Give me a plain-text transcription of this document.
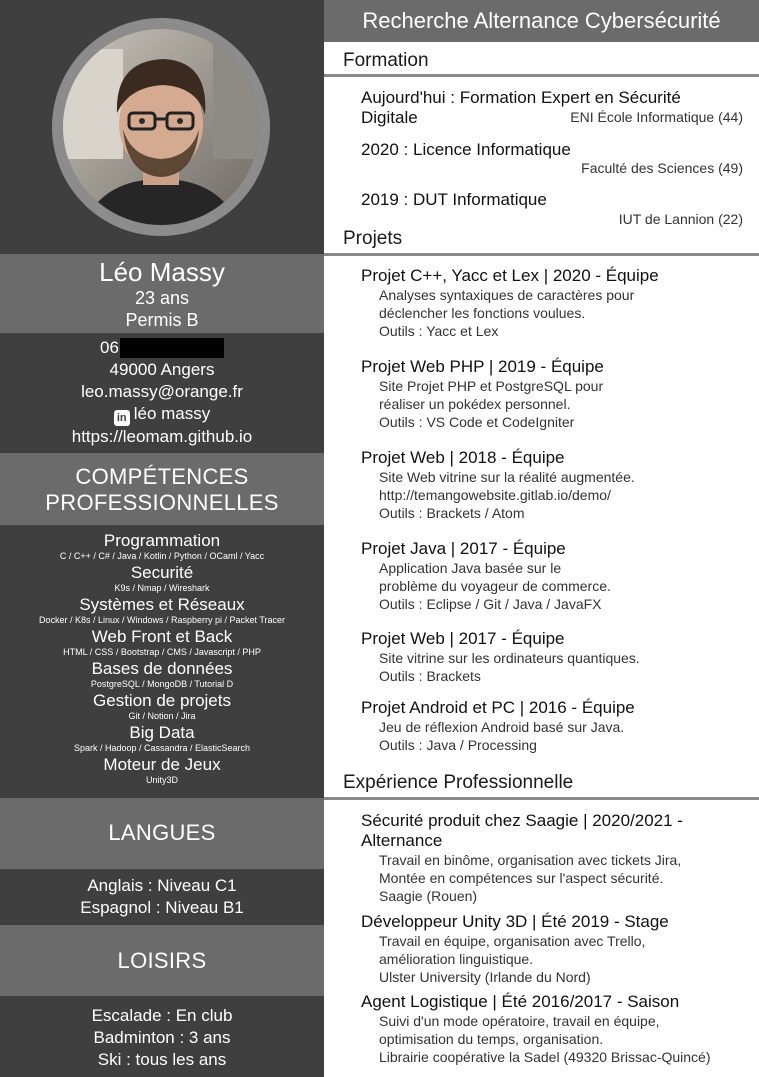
Léo Massy
23 ans
Permis B
06
49000 Angers
leo.massy@orange.fr
in léo massy
https://leomam.github.io
COMPÉTENCES
PROFESSIONNELLES
Programmation
C / C++ / C# / Java / Kotlin / Python / OCaml / Yacc
Securité
K9s / Nmap / Wireshark
Systèmes et Réseaux
Docker / K8s / Linux / Windows / Raspberry pi / Packet Tracer
Web Front et Back
HTML / CSS / Bootstrap / CMS / Javascript / PHP
Bases de données
PostgreSQL / MongoDB / Tutorial D
Gestion de projets
Git / Notion / Jira
Big Data
Spark / Hadoop / Cassandra / ElasticSearch
Moteur de Jeux
Unity3D
LANGUES
Anglais : Niveau C1
Espagnol : Niveau B1
LOISIRS
Escalade : En club
Badminton : 3 ans
Ski : tous les ans
Recherche Alternance Cybersécurité
Formation
Aujourd'hui : Formation Expert en Sécurité Digitale	ENI École Informatique (44)
2020 : Licence Informatique
Faculté des Sciences (49)
2019 : DUT Informatique
IUT de Lannion (22)
Projets
Projet C++, Yacc et Lex | 2020 - Équipe
Analyses syntaxiques de caractères pour
déclencher les fonctions voulues.
Outils : Yacc et Lex
Projet Web PHP | 2019 - Équipe
Site Projet PHP et PostgreSQL pour
réaliser un pokédex personnel.
Outils : VS Code et CodeIgniter
Projet Web | 2018 - Équipe
Site Web vitrine sur la réalité augmentée.
http://temangowebsite.gitlab.io/demo/
Outils : Brackets / Atom
Projet Java | 2017 - Équipe
Application Java basée sur le
problème du voyageur de commerce.
Outils : Eclipse / Git / Java / JavaFX
Projet Web | 2017 - Équipe
Site vitrine sur les ordinateurs quantiques.
Outils : Brackets
Projet Android et PC | 2016 - Équipe
Jeu de réflexion Android basé sur Java.
Outils : Java / Processing
Expérience Professionnelle
Sécurité produit chez Saagie | 2020/2021 -
Alternance
Travail en binôme, organisation avec tickets Jira,
Montée en compétences sur l'aspect sécurité.
Saagie (Rouen)
Développeur Unity 3D | Été 2019 - Stage
Travail en équipe, organisation avec Trello,
amélioration linguistique.
Ulster University (Irlande du Nord)
Agent Logistique | Été 2016/2017 - Saison
Suivi d'un mode opératoire, travail en équipe,
optimisation du temps, organisation.
Librairie coopérative la Sadel (49320 Brissac-Quincé)
